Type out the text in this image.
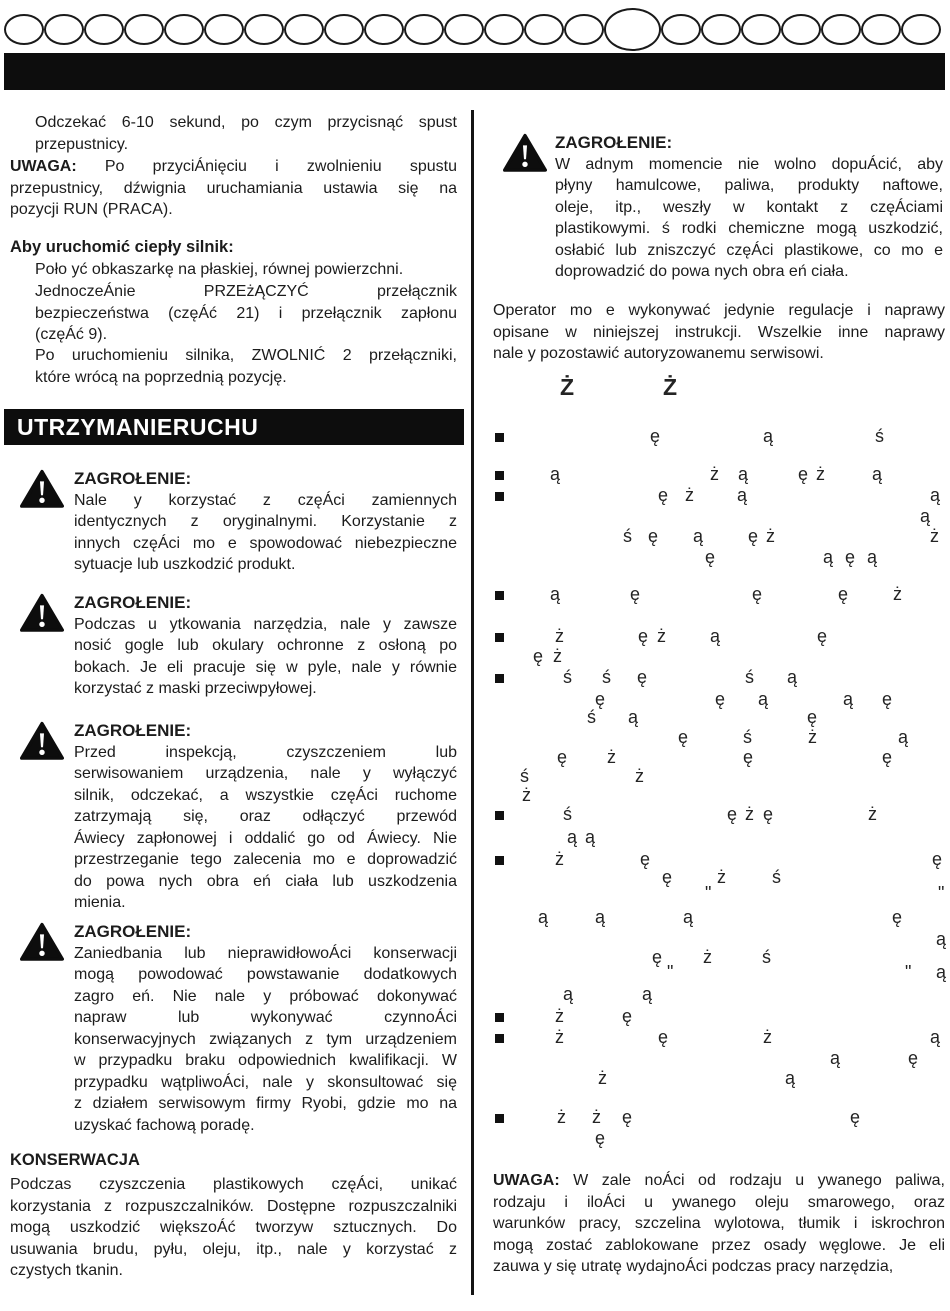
Odczekać 6-10 sekund, po czym przycisnąć spust
przepustnicy.
UWAGA: Po przyciÁnięciu i zwolnieniu spustu
przepustnicy, dźwignia uruchamiania ustawia się na
pozycji RUN (PRACA).
Aby uruchomić ciepły silnik:
Poło yć obkaszarkę na płaskiej, równej powierzchni.
JednoczeÁnie PRZEżĄCZYĆ przełącznik
bezpieczeństwa (częÁć 21) i przełącznik zapłonu
(częÁć 9).
Po uruchomieniu silnika, ZWOLNIĆ 2 przełączniki,
które wrócą na poprzednią pozycję.
UTRZYMANIERUCHU
ZAGROŁENIE:
Nale y korzystać z częÁci zamiennych
identycznych z oryginalnymi. Korzystanie z
innych częÁci mo e spowodować niebezpieczne
sytuacje lub uszkodzić produkt.
ZAGROŁENIE:
Podczas u ytkowania narzędzia, nale y zawsze
nosić gogle lub okulary ochronne z osłoną po
bokach. Je eli pracuje się w pyle, nale y równie
korzystać z maski przeciwpyłowej.
ZAGROŁENIE:
Przed inspekcją, czyszczeniem lub
serwisowaniem urządzenia, nale y wyłączyć
silnik, odczekać, a wszystkie częÁci ruchome
zatrzymają się, oraz odłączyć przewód
Áwiecy zapłonowej i oddalić go od Áwiecy. Nie
przestrzeganie tego zalecenia mo e doprowadzić
do powa nych obra eń ciała lub uszkodzenia
mienia.
ZAGROŁENIE:
Zaniedbania lub nieprawidłowoÁci konserwacji
mogą powodować powstawanie dodatkowych
zagro eń. Nie nale y próbować dokonywać
napraw lub wykonywać czynnoÁci
konserwacyjnych związanych z tym urządzeniem
w przypadku braku odpowiednich kwalifikacji. W
przypadku wątpliwoÁci, nale y skonsultować się
z działem serwisowym firmy Ryobi, gdzie mo na
uzyskać fachową poradę.
KONSERWACJA
Podczas czyszczenia plastikowych częÁci, unikać
korzystania z rozpuszczalników. Dostępne rozpuszczalniki
mogą uszkodzić większoÁć tworzyw sztucznych. Do
usuwania brudu, pyłu, oleju, itp., nale y korzystać z
czystych tkanin.
ZAGROŁENIE:
W adnym momencie nie wolno dopuÁcić, aby
płyny hamulcowe, paliwa, produkty naftowe,
oleje, itp., weszły w kontakt z częÁciami
plastikowymi. ś rodki chemiczne mogą uszkodzić,
osłabić lub zniszczyć częÁci plastikowe, co mo e
doprowadzić do powa nych obra eń ciała.
Operator mo e wykonywać jedynie regulacje i naprawy
opisane w niniejszej instrukcji. Wszelkie inne naprawy
nale y pozostawić autoryzowanemu serwisowi.
UWAGA: W zale noÁci od rodzaju u ywanego paliwa,
rodzaju i iloÁci u ywanego oleju smarowego, oraz
warunków pracy, szczelina wylotowa, tłumik i iskrochron
mogą zostać zablokowane przez osady węglowe. Je eli
zauwa y się utratę wydajnoÁci podczas pracy narzędzia,
Ż	Ż
ę	ą	ś
ą	ż ą	ę ż	ą
ę ż ą	ą
ą
ś ę ą ę ż	ż
ę	ą ę ą
ą	ę	ę	ę ż
ż	ę ż ą	ę
ę ż
ś ś ę	ś ą
ę	ę ą	ą ę
ś ą	ę
ę	ś	ż	ą
ę ż	ę	ę
ś	ż
ż
ś	ę ż ę	ż
ą ą
ż	ę	ę
ę ż	ś
"	"
ą	ą	ą	ę
ą
ę ż	ś
"	" ą
ą	ą
ż	ę
ż	ę	ż	ą
ą	ę
ż	ą
ż ż ę	ę
ę
